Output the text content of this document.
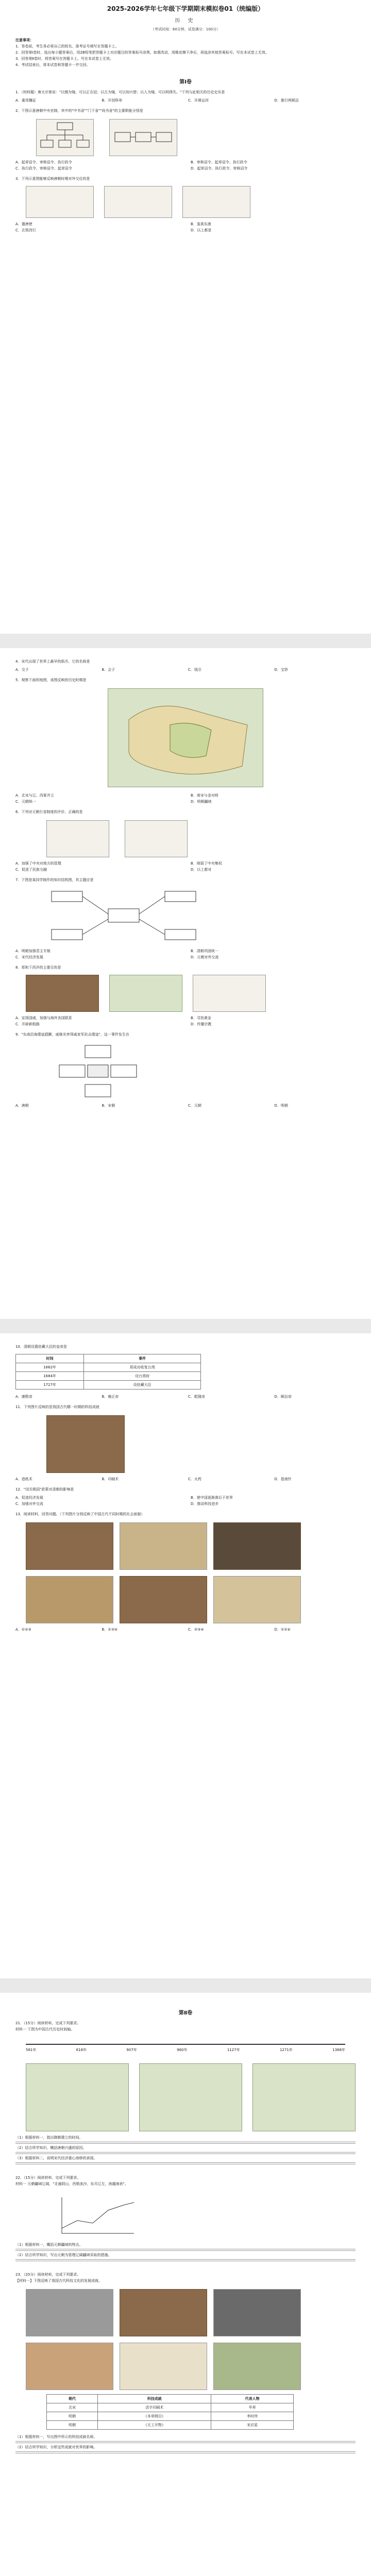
2025-2026学年七年级下学期期末模拟卷01（统编版）
历 史
（考试时间：60分钟，试卷满分：100分）
注意事项：
1．答卷前，考生务必将自己的姓名、准考证号填写在答题卡上。
2．回答第Ⅰ卷时，选出每小题答案后，用2B铅笔把答题卡上对应题目的答案标号涂黑。如需改动，用橡皮擦干净后，再选涂其他答案标号。写在本试卷上无效。
3．回答第Ⅱ卷时，将答案写在答题卡上。写在本试卷上无效。
4．考试结束后，将本试卷和答题卡一并交回。
第Ⅰ卷
1．（材料题）唐太宗曾说："以铜为镜，可以正衣冠；以古为镜，可以知兴替；以人为镜，可以明得失。"下列与此相关的历史史实是
A．重用魏征	B．开创科举	C．开凿运河	D．推行两税法
2．下图示意唐朝中央官制，其中的"中书省""门下省""尚书省"的主要职能分别是
A．起草诏令、审核诏令、执行政令	B．审核诏令、起草诏令、执行政令
C．执行政令、审核诏令、起草诏令	D．起草诏令、执行政令、审核诏令
3．下列示意图能够反映唐朝时期对外交往的是
A．遣唐使	B．鉴真东渡
C．玄奘西行	D．以上都是
4．宋代出现了世界上最早的纸币，它的名称是
A．交子	B．会子	C．钱引	D．宝钞
5．观察下面的地图，该图反映的历史时期是
A．北宋与辽、西夏并立	B．南宋与金对峙
C．元朝统一	D．明朝疆域
6．下列对元朝行省制度的评价，正确的是
A．加强了中央对地方的管理	B．削弱了中央集权
C．促进了民族交融	D．以上都对
7．下图是某同学制作的知识结构图，其主题应是
A．明朝加强君主专制	B．清朝巩固统一
C．宋代经济发展	D．元朝对外交流
8．郑和下西洋的主要目的是
A．宣扬国威，加强与海外各国联系	B．寻找黄金
C．开辟新航路	D．传播宗教
9．"东南沿海倭寇猖獗，戚继光率领戚家军抗击倭寇"，这一事件发生在
A．唐朝	B．宋朝	C．元朝	D．明朝
10．清朝设置驻藏大臣的皇帝是
时间	事件
1662年	郑成功收复台湾
1684年	设台湾府
1727年	设驻藏大臣
A．康熙帝	B．雍正帝	C．乾隆帝	D．顺治帝
11．下列图片反映的是我国古代哪一时期的科技成就
A．造纸术	B．印刷术	C．火药	D．指南针
12．"闭关锁国"政策对清朝的影响是
A．促进经济发展	B．使中国逐渐落后于世界
C．加强对外交流	D．推动科技进步
13．阅读材料，回答问题。（下列图片分别反映了中国古代不同时期的社会面貌）
A．①②③	B．①③④	C．②③④	D．①②④
第Ⅱ卷
21．（15分）阅读材料，完成下列要求。
材料一 下图为中国古代历史时间轴。
581年	618年	907年	960年	1127年	1271年	1368年
（1）根据材料一，指出隋朝建立的时间。
（2）结合所学知识，概括唐朝兴盛的原因。
（3）根据材料二，说明宋代经济重心南移的表现。
22．（15分）阅读材料，完成下列要求。
材料一 元朝疆域辽阔，"北逾阴山，西极流沙，东尽辽左，南越海表"。
（1）根据材料一，概括元朝疆域的特点。
（2）结合所学知识，写出元朝为管理辽阔疆域采取的措施。
23．（20分）阅读材料，完成下列要求。
【材料一】下图反映了我国古代科技文化的发展成就。
朝代	科技成就	代表人物
北宋	活字印刷术	毕昇
明朝	《本草纲目》	李时珍
明朝	《天工开物》	宋应星
（1）根据材料一，写出图中所示的科技成就名称。
（2）结合所学知识，分析这些成就对世界的影响。
